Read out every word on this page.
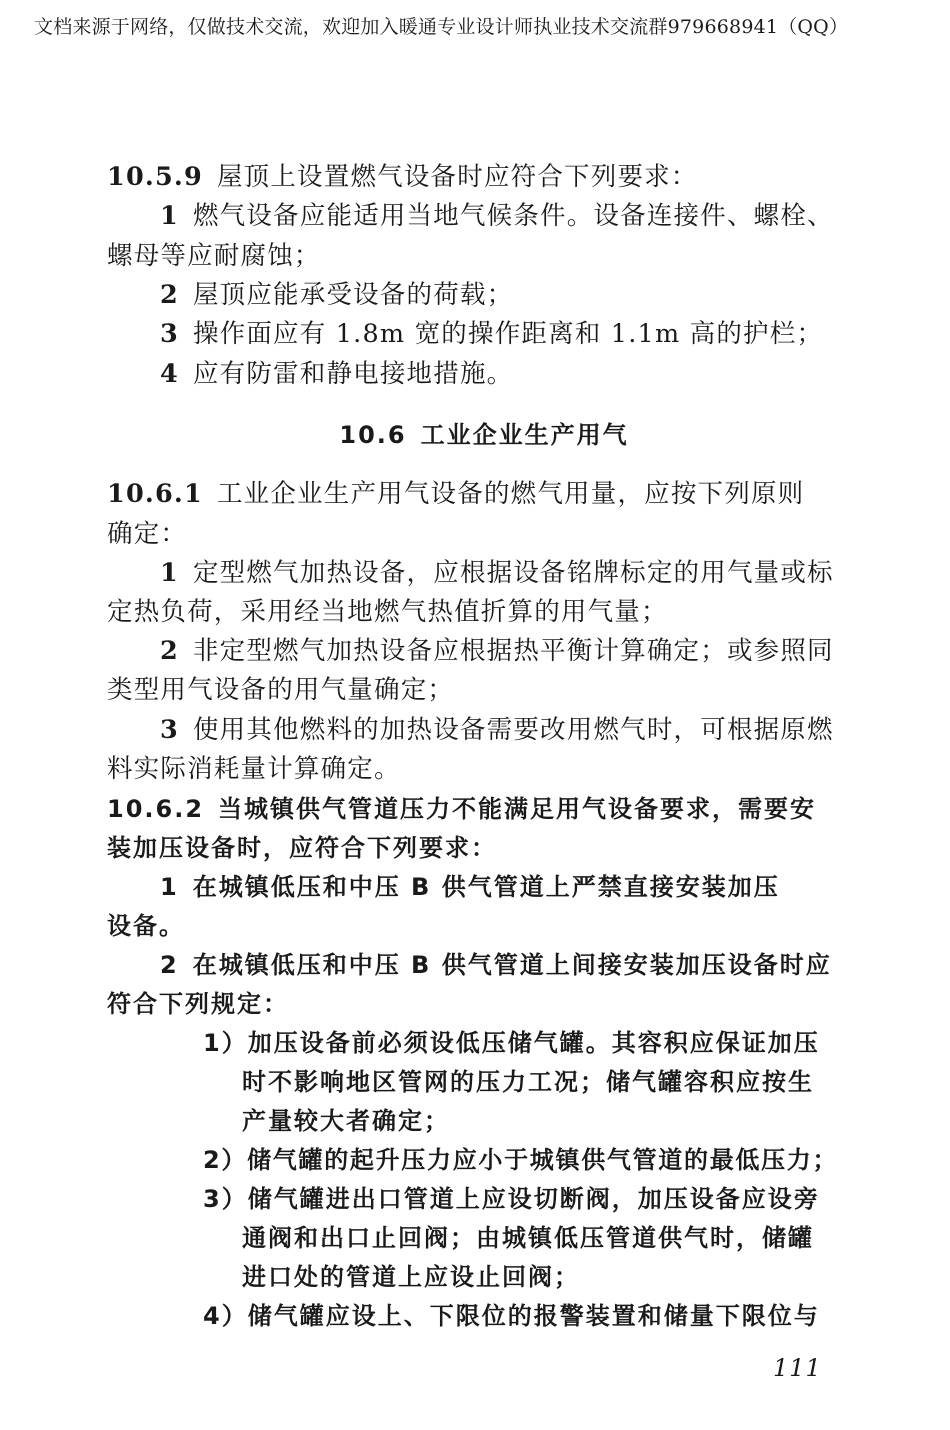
文档来源于网络，仅做技术交流，欢迎加入暖通专业设计师执业技术交流群979668941（QQ）
10.5.9 屋顶上设置燃气设备时应符合下列要求：
1 燃气设备应能适用当地气候条件。设备连接件、螺栓、
螺母等应耐腐蚀；
2 屋顶应能承受设备的荷载；
3 操作面应有 1.8m 宽的操作距离和 1.1m 高的护栏；
4 应有防雷和静电接地措施。
10.6 工业企业生产用气
10.6.1 工业企业生产用气设备的燃气用量，应按下列原则
确定：
1 定型燃气加热设备，应根据设备铭牌标定的用气量或标
定热负荷，采用经当地燃气热值折算的用气量；
2 非定型燃气加热设备应根据热平衡计算确定；或参照同
类型用气设备的用气量确定；
3 使用其他燃料的加热设备需要改用燃气时，可根据原燃
料实际消耗量计算确定。
10.6.2 当城镇供气管道压力不能满足用气设备要求，需要安
装加压设备时，应符合下列要求：
1 在城镇低压和中压 B 供气管道上严禁直接安装加压
设备。
2 在城镇低压和中压 B 供气管道上间接安装加压设备时应
符合下列规定：
1）加压设备前必须设低压储气罐。其容积应保证加压
时不影响地区管网的压力工况；储气罐容积应按生
产量较大者确定；
2）储气罐的起升压力应小于城镇供气管道的最低压力；
3）储气罐进出口管道上应设切断阀，加压设备应设旁
通阀和出口止回阀；由城镇低压管道供气时，储罐
进口处的管道上应设止回阀；
4）储气罐应设上、下限位的报警装置和储量下限位与
111
